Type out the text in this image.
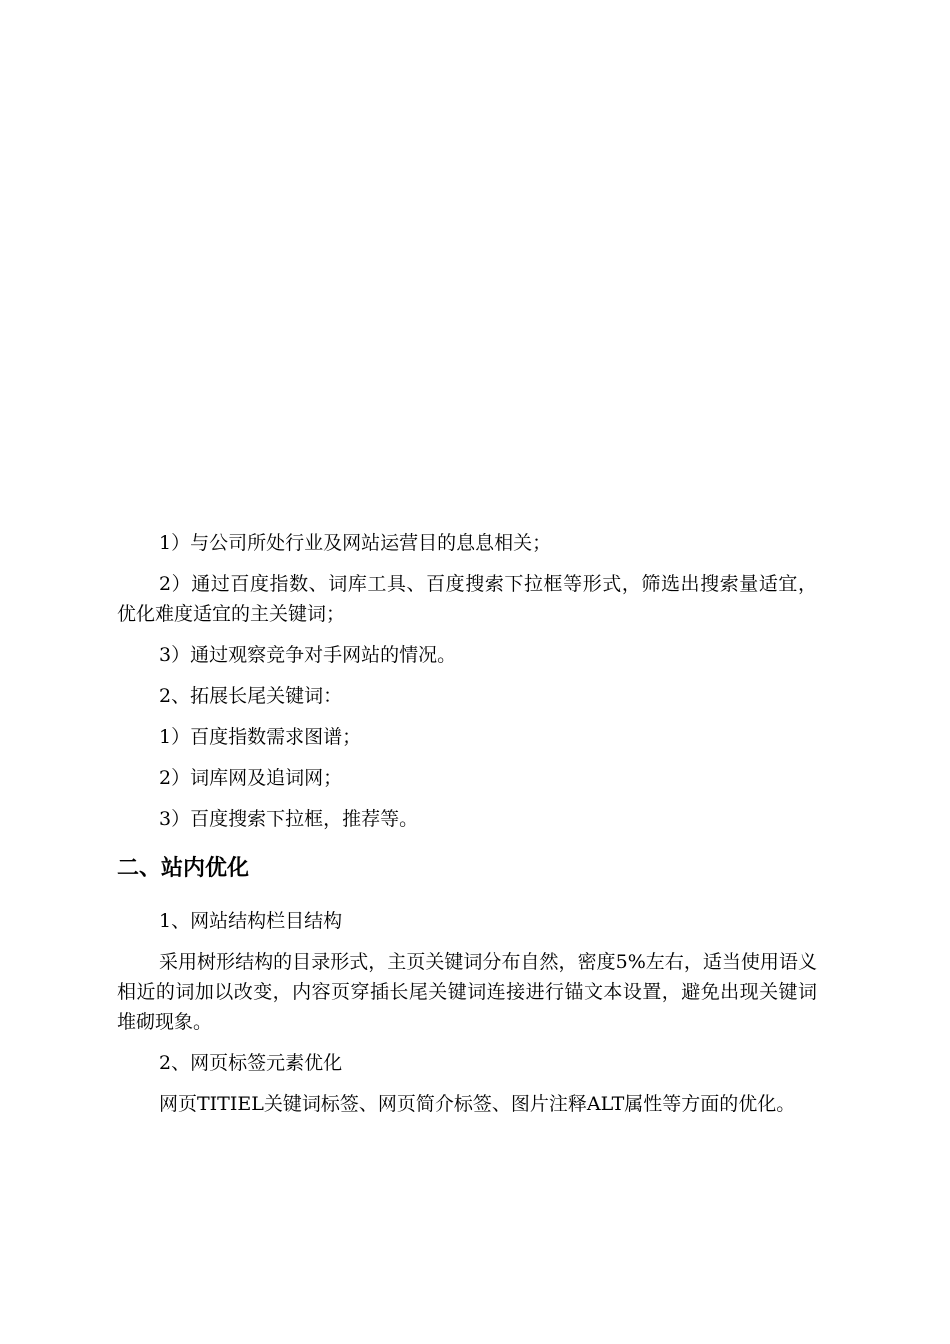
1）与公司所处行业及网站运营目的息息相关；

2）通过百度指数、词库工具、百度搜索下拉框等形式，筛选出搜索量适宜，优化难度适宜的主关键词；

3）通过观察竞争对手网站的情况。

2、拓展长尾关键词：

1）百度指数需求图谱；

2）词库网及追词网；

3）百度搜索下拉框，推荐等。

二、站内优化

1、网站结构栏目结构

采用树形结构的目录形式，主页关键词分布自然，密度5%左右，适当使用语义相近的词加以改变，内容页穿插长尾关键词连接进行锚文本设置，避免出现关键词堆砌现象。

2、网页标签元素优化

网页TITIEL关键词标签、网页简介标签、图片注释ALT属性等方面的优化。
